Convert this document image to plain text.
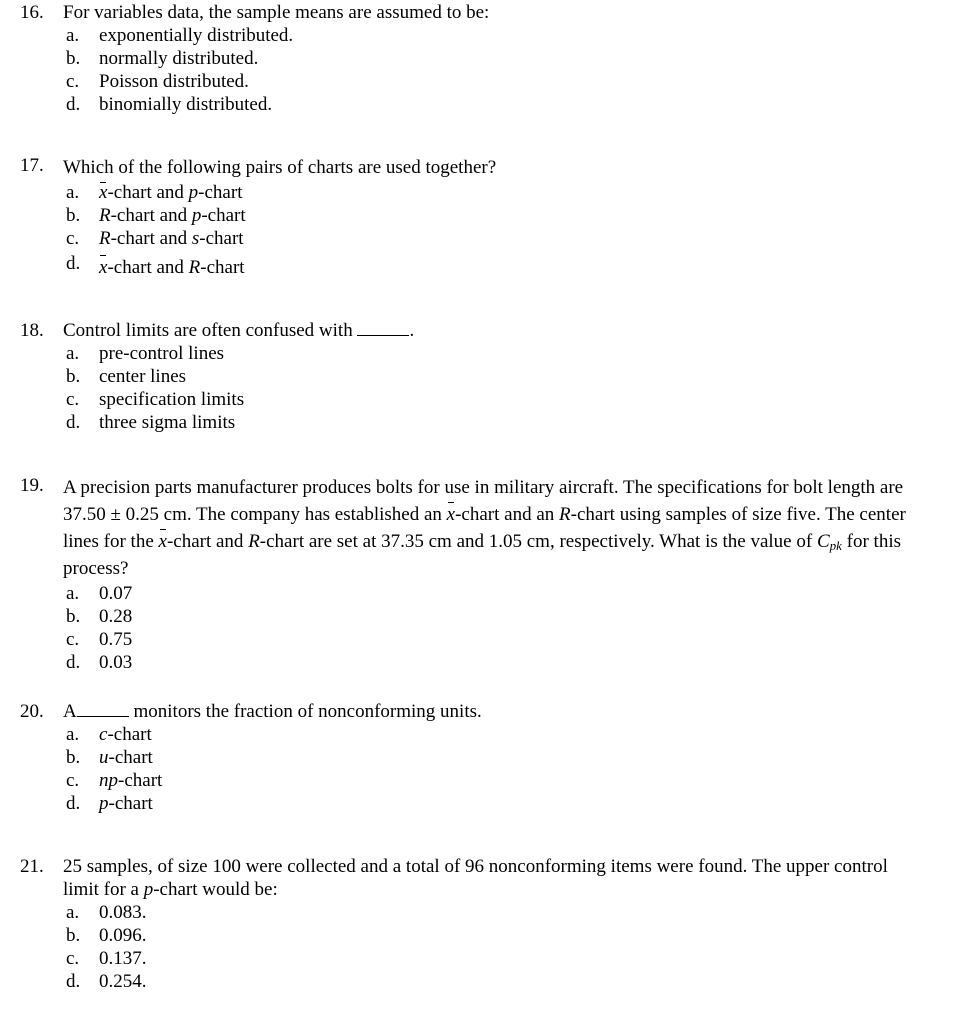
16.	For variables data, the sample means are assumed to be:
a. exponentially distributed.
b. normally distributed.
c. Poisson distributed.
d. binomially distributed.
17.	Which of the following pairs of charts are used together?
a. x-chart and p-chart
b. R-chart and p-chart
c. R-chart and s-chart
d. x-chart and R-chart
18.	Control limits are often confused with	.
a. pre-control lines
b. center lines
c. specification limits
d. three sigma limits
19.	A precision parts manufacturer produces bolts for use in military aircraft. The specifications for bolt length are 37.50 ± 0.25 cm. The company has established an x-chart and an R-chart using samples of size five. The center lines for the x-chart and R-chart are set at 37.35 cm and 1.05 cm, respectively. What is the value of $C_{pk}$ for this process?
a. 0.07
b. 0.28
c. 0.75
d. 0.03
20.	A	monitors the fraction of nonconforming units.
a. c-chart
b. u-chart
c. np-chart
d. p-chart
21.	25 samples, of size 100 were collected and a total of 96 nonconforming items were found. The upper control limit for a p-chart would be:
a. 0.083.
b. 0.096.
c. 0.137.
d. 0.254.
